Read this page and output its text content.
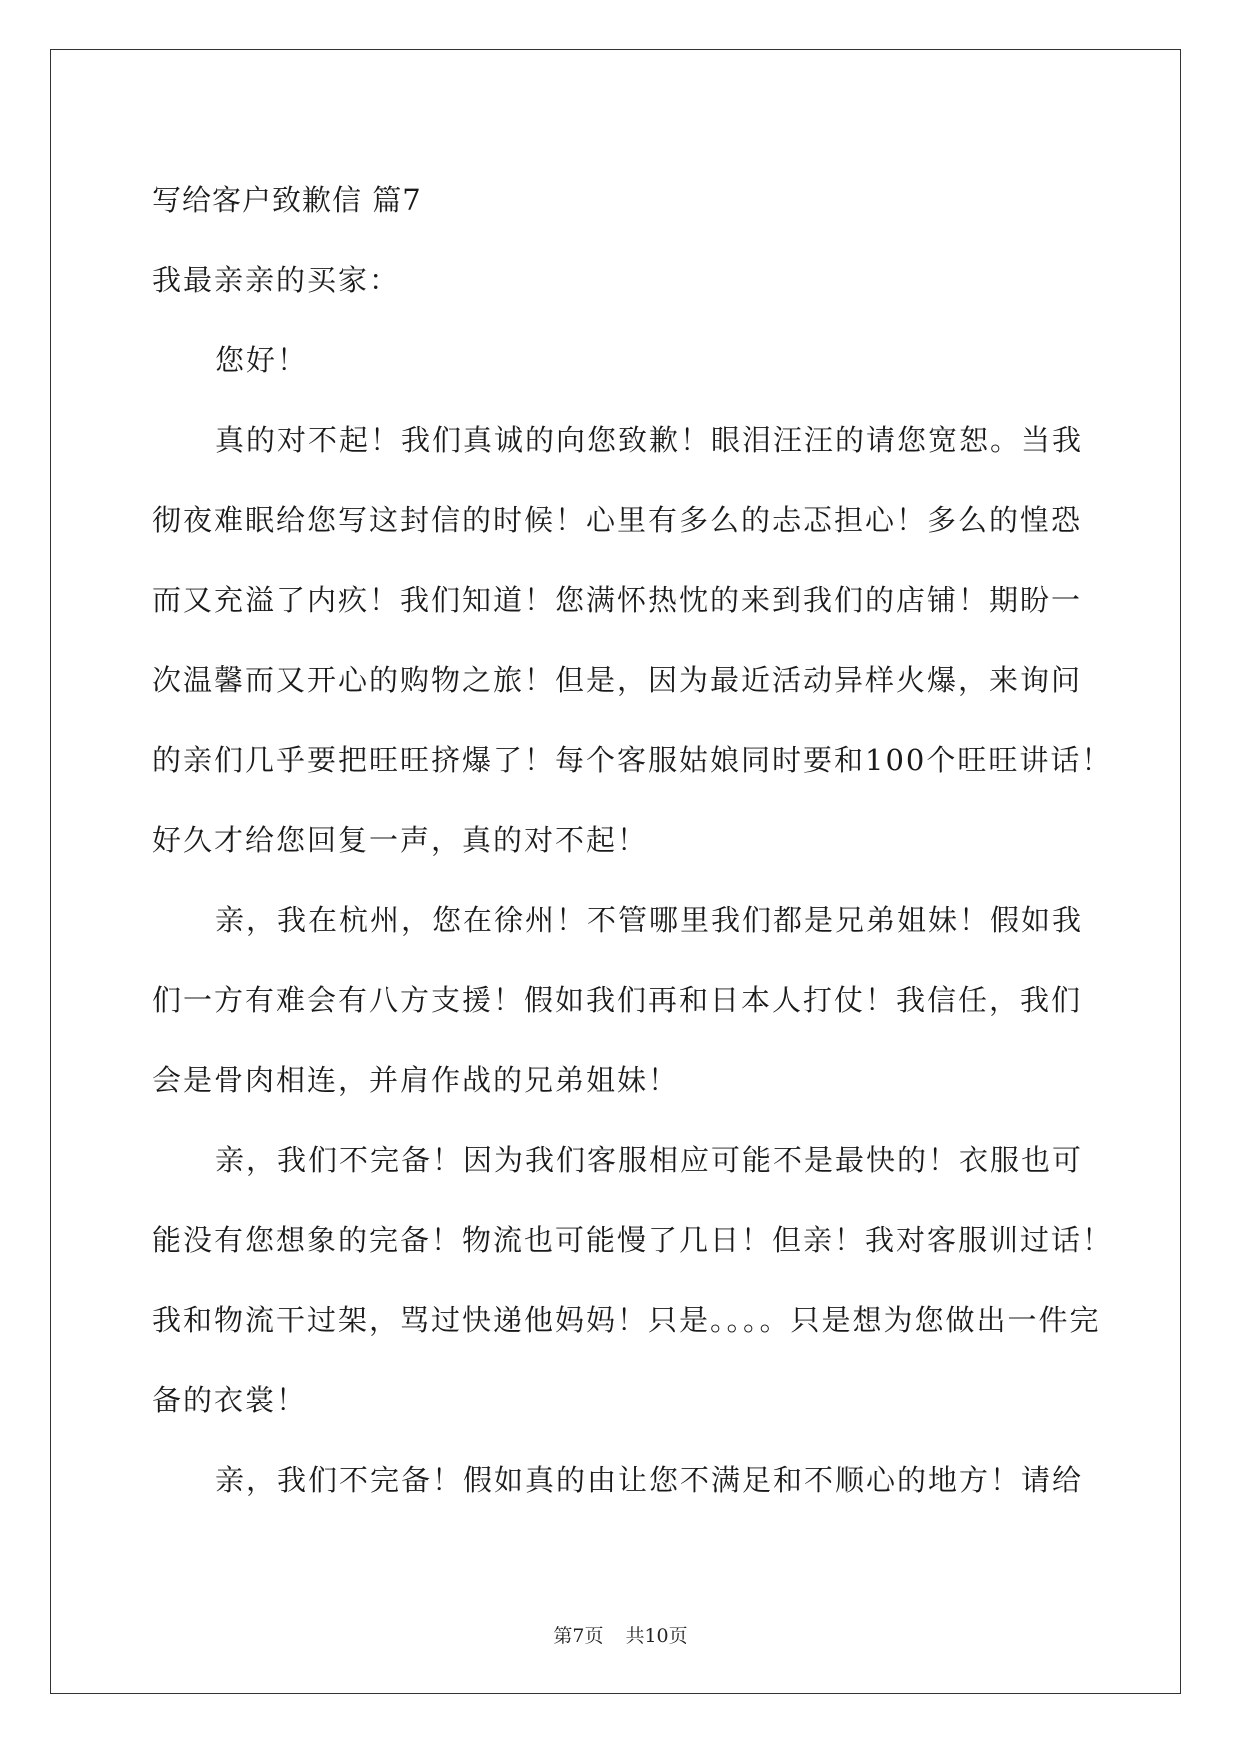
写给客户致歉信 篇7
我最亲亲的买家：
您好！
真的对不起！我们真诚的向您致歉！眼泪汪汪的请您宽恕。当我
彻夜难眠给您写这封信的时候！心里有多么的忐忑担心！多么的惶恐
而又充溢了内疚！我们知道！您满怀热忱的来到我们的店铺！期盼一
次温馨而又开心的购物之旅！但是，因为最近活动异样火爆，来询问
的亲们几乎要把旺旺挤爆了！每个客服姑娘同时要和100个旺旺讲话！
好久才给您回复一声，真的对不起！
亲，我在杭州，您在徐州！不管哪里我们都是兄弟姐妹！假如我
们一方有难会有八方支援！假如我们再和日本人打仗！我信任，我们
会是骨肉相连，并肩作战的兄弟姐妹！
亲，我们不完备！因为我们客服相应可能不是最快的！衣服也可
能没有您想象的完备！物流也可能慢了几日！但亲！我对客服训过话！
我和物流干过架，骂过快递他妈妈！只是。。。。只是想为您做出一件完
备的衣裳！
亲，我们不完备！假如真的由让您不满足和不顺心的地方！请给
第7页 共10页
